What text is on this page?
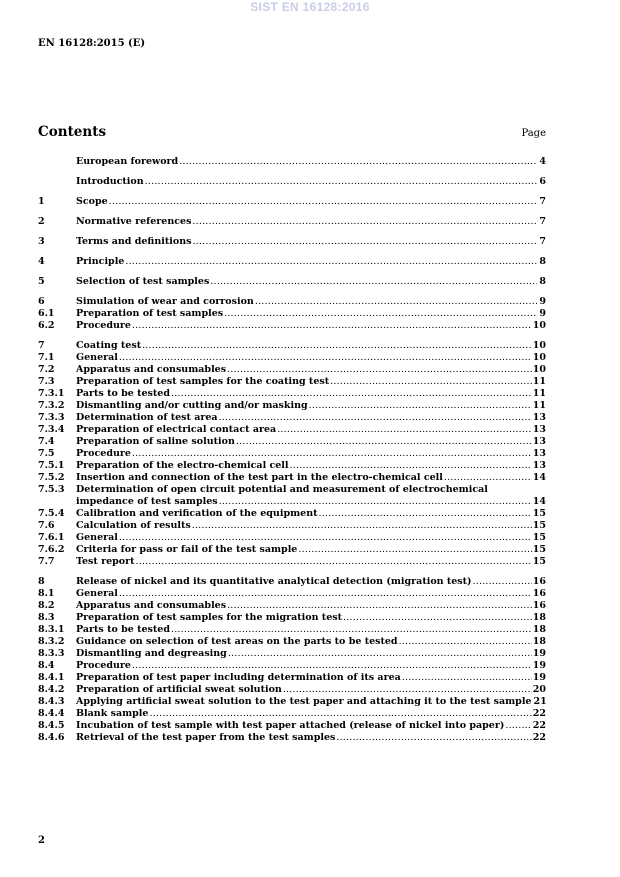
SIST EN 16128:2016
EN 16128:2015 (E)
Contents	Page
European foreword .....	4
Introduction .....	6
1	Scope .....	7
2	Normative references .....	7
3	Terms and definitions .....	7
4	Principle .....	8
5	Selection of test samples .....	8
6	Simulation of wear and corrosion .....	9
6.1	Preparation of test samples .....	9
6.2	Procedure .....	10
7	Coating test .....	10
7.1	General .....	10
7.2	Apparatus and consumables .....	10
7.3	Preparation of test samples for the coating test .....	11
7.3.1	Parts to be tested .....	11
7.3.2	Dismantling and/or cutting and/or masking .....	11
7.3.3	Determination of test area .....	13
7.3.4	Preparation of electrical contact area .....	13
7.4	Preparation of saline solution .....	13
7.5	Procedure .....	13
7.5.1	Preparation of the electro-chemical cell .....	13
7.5.2	Insertion and connection of the test part in the electro-chemical cell .....	14
7.5.3	Determination of open circuit potential and measurement of electrochemical
impedance of test samples .....	14
7.5.4	Calibration and verification of the equipment .....	15
7.6	Calculation of results .....	15
7.6.1	General .....	15
7.6.2	Criteria for pass or fail of the test sample .....	15
7.7	Test report .....	15
8	Release of nickel and its quantitative analytical detection (migration test) .....	16
8.1	General .....	16
8.2	Apparatus and consumables .....	16
8.3	Preparation of test samples for the migration test .....	18
8.3.1	Parts to be tested .....	18
8.3.2	Guidance on selection of test areas on the parts to be tested .....	18
8.3.3	Dismantling and degreasing .....	19
8.4	Procedure .....	19
8.4.1	Preparation of test paper including determination of its area .....	19
8.4.2	Preparation of artificial sweat solution .....	20
8.4.3	Applying artificial sweat solution to the test paper and attaching it to the test sample 21
8.4.4	Blank sample .....	22
8.4.5	Incubation of test sample with test paper attached (release of nickel into paper) .....	22
8.4.6	Retrieval of the test paper from the test samples .....	22
2
